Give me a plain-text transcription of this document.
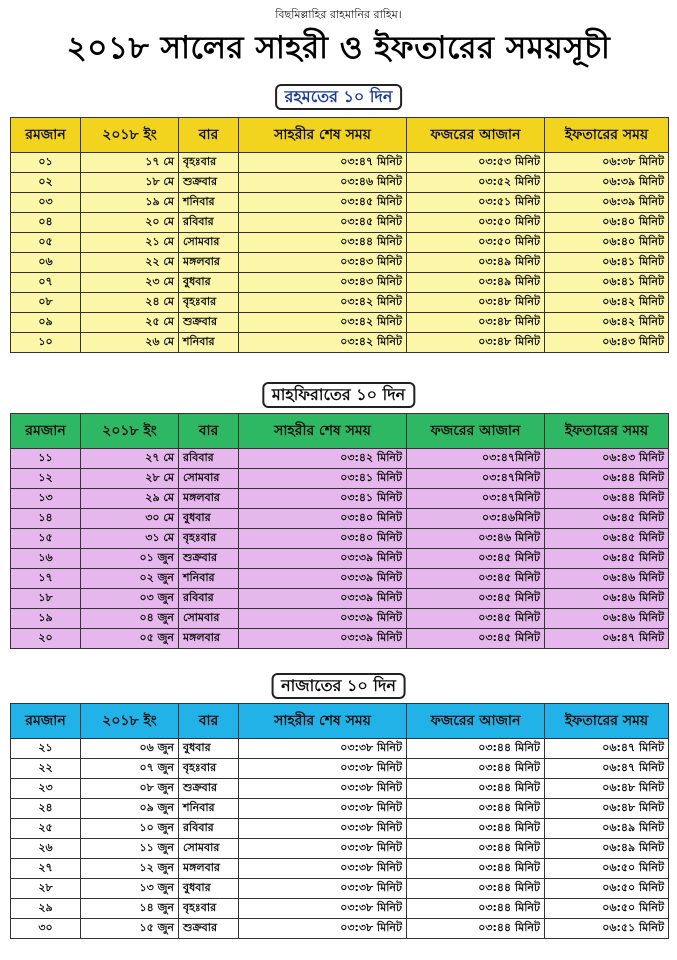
বিছমিল্লাহির রাহমানির রাহিম।
২০১৮ সালের সাহরী ও ইফতারের সময়সূচী
রহমতের ১০ দিন
রমজান	২০১৮ ইং	বার	সাহরীর শেষ সময়	ফজরের আজান	ইফতারের সময়
০১	১৭ মে	বৃহঃবার	০৩:৪৭ মিনিট	০৩:৫৩ মিনিট	০৬:৩৮ মিনিট
০২	১৮ মে	শুক্রবার	০৩:৪৬ মিনিট	০৩:৫২ মিনিট	০৬:৩৯ মিনিট
০৩	১৯ মে	শনিবার	০৩:৪৫ মিনিট	০৩:৫১ মিনিট	০৬:৩৯ মিনিট
০৪	২০ মে	রবিবার	০৩:৪৫ মিনিট	০৩:৫০ মিনিট	০৬:৪০ মিনিট
০৫	২১ মে	সোমবার	০৩:৪৪ মিনিট	০৩:৫০ মিনিট	০৬:৪০ মিনিট
০৬	২২ মে	মঙ্গলবার	০৩:৪৩ মিনিট	০৩:৪৯ মিনিট	০৬:৪১ মিনিট
০৭	২৩ মে	বুধবার	০৩:৪৩ মিনিট	০৩:৪৯ মিনিট	০৬:৪১ মিনিট
০৮	২৪ মে	বৃহঃবার	০৩:৪২ মিনিট	০৩:৪৮ মিনিট	০৬:৪২ মিনিট
০৯	২৫ মে	শুক্রবার	০৩:৪২ মিনিট	০৩:৪৮ মিনিট	০৬:৪২ মিনিট
১০	২৬ মে	শনিবার	০৩:৪২ মিনিট	০৩:৪৮ মিনিট	০৬:৪৩ মিনিট
মাহফিরাতের ১০ দিন
রমজান	২০১৮ ইং	বার	সাহরীর শেষ সময়	ফজরের আজান	ইফতারের সময়
১১	২৭ মে	রবিবার	০৩:৪২ মিনিট	০৩:৪৭মিনিট	০৬:৪৩ মিনিট
১২	২৮ মে	সোমবার	০৩:৪১ মিনিট	০৩:৪৭মিনিট	০৬:৪৪ মিনিট
১৩	২৯ মে	মঙ্গলবার	০৩:৪১ মিনিট	০৩:৪৭মিনিট	০৬:৪৪ মিনিট
১৪	৩০ মে	বুধবার	০৩:৪০ মিনিট	০৩:৪৬মিনিট	০৬:৪৫ মিনিট
১৫	৩১ মে	বৃহঃবার	০৩:৪০ মিনিট	০৩:৪৬ মিনিট	০৬:৪৫ মিনিট
১৬	০১ জুন	শুক্রবার	০৩:৩৯ মিনিট	০৩:৪৫ মিনিট	০৬:৪৫ মিনিট
১৭	০২ জুন	শনিবার	০৩:৩৯ মিনিট	০৩:৪৫ মিনিট	০৬:৪৬ মিনিট
১৮	০৩ জুন	রবিবার	০৩:৩৯ মিনিট	০৩:৪৫ মিনিট	০৬:৪৬ মিনিট
১৯	০৪ জুন	সোমবার	০৩:৩৯ মিনিট	০৩:৪৫ মিনিট	০৬:৪৬ মিনিট
২০	০৫ জুন	মঙ্গলবার	০৩:৩৯ মিনিট	০৩:৪৫ মিনিট	০৬:৪৭ মিনিট
নাজাতের ১০ দিন
রমজান	২০১৮ ইং	বার	সাহরীর শেষ সময়	ফজরের আজান	ইফতারের সময়
২১	০৬ জুন	বুধবার	০৩:৩৮ মিনিট	০৩:৪৪ মিনিট	০৬:৪৭ মিনিট
২২	০৭ জুন	বৃহঃবার	০৩:৩৮ মিনিট	০৩:৪৪ মিনিট	০৬:৪৭ মিনিট
২৩	০৮ জুন	শুক্রবার	০৩:৩৮ মিনিট	০৩:৪৪ মিনিট	০৬:৪৮ মিনিট
২৪	০৯ জুন	শনিবার	০৩:৩৮ মিনিট	০৩:৪৪ মিনিট	০৬:৪৮ মিনিট
২৫	১০ জুন	রবিবার	০৩:৩৮ মিনিট	০৩:৪৪ মিনিট	০৬:৪৯ মিনিট
২৬	১১ জুন	সোমবার	০৩:৩৮ মিনিট	০৩:৪৪ মিনিট	০৬:৪৯ মিনিট
২৭	১২ জুন	মঙ্গলবার	০৩:৩৮ মিনিট	০৩:৪৪ মিনিট	০৬:৫০ মিনিট
২৮	১৩ জুন	বুধবার	০৩:৩৮ মিনিট	০৩:৪৪ মিনিট	০৬:৫০ মিনিট
২৯	১৪ জুন	বৃহঃবার	০৩:৩৮ মিনিট	০৩:৪৪ মিনিট	০৬:৫০ মিনিট
৩০	১৫ জুন	শুক্রবার	০৩:৩৮ মিনিট	০৩:৪৪ মিনিট	০৬:৫১ মিনিট
